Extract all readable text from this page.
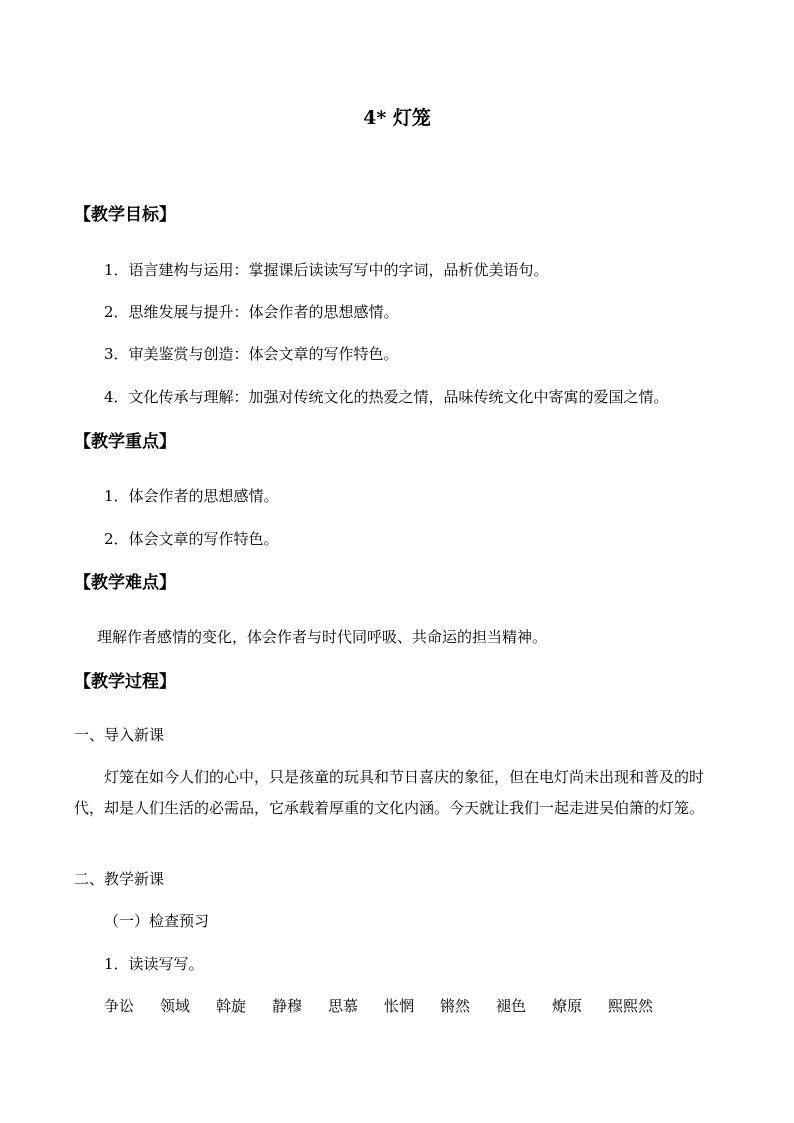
4* 灯笼
【教学目标】
1．语言建构与运用：掌握课后读读写写中的字词，品析优美语句。
2．思维发展与提升：体会作者的思想感情。
3．审美鉴赏与创造：体会文章的写作特色。
4．文化传承与理解：加强对传统文化的热爱之情，品味传统文化中寄寓的爱国之情。
【教学重点】
1．体会作者的思想感情。
2．体会文章的写作特色。
【教学难点】
理解作者感情的变化，体会作者与时代同呼吸、共命运的担当精神。
【教学过程】
一、导入新课
灯笼在如今人们的心中，只是孩童的玩具和节日喜庆的象征，但在电灯尚未出现和普及的时代，却是人们生活的必需品，它承载着厚重的文化内涵。今天就让我们一起走进吴伯箫的灯笼。
二、教学新课
（一）检查预习
1．读读写写。
争讼	领域	斡旋	静穆	思慕	怅惘	锵然	褪色	燎原	熙熙然
